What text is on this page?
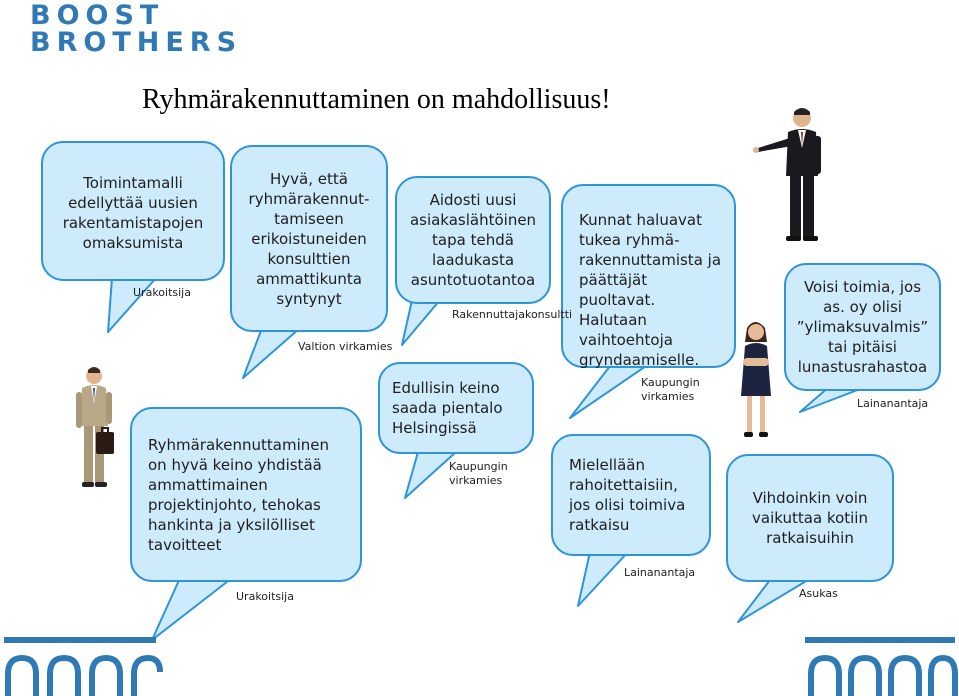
BOOST
BROTHERS
Ryhmärakennuttaminen on mahdollisuus!
Toimintamalli edellyttää uusien rakentamistapojen omaksumista
Hyvä, että ryhmärakennut-tamiseen erikoistuneiden konsulttien ammattikunta syntynyt
Ryhmärakennuttaminen on hyvä keino yhdistää ammattimainen projektinjohto, tehokas hankinta ja yksilölliset tavoitteet
Aidosti uusi asiakaslähtöinen tapa tehdä laadukasta asuntotuotantoa
Edullisin keino saada pientalo Helsingissä
Kunnat haluavat tukea ryhmä-rakennuttamista ja päättäjät puoltavat. Halutaan vaihtoehtoja gryndaamiselle.
Mielellään rahoitettaisiin, jos olisi toimiva ratkaisu
Voisi toimia, jos as. oy olisi ”ylimaksuvalmis” tai pitäisi lunastusrahastoa
Vihdoinkin voin vaikuttaa kotiin ratkaisuihin
Urakoitsija
Valtion virkamies
Urakoitsija
Rakennuttajakonsultti
Kaupungin virkamies
Kaupungin virkamies
Lainanantaja
Lainanantaja
Asukas
